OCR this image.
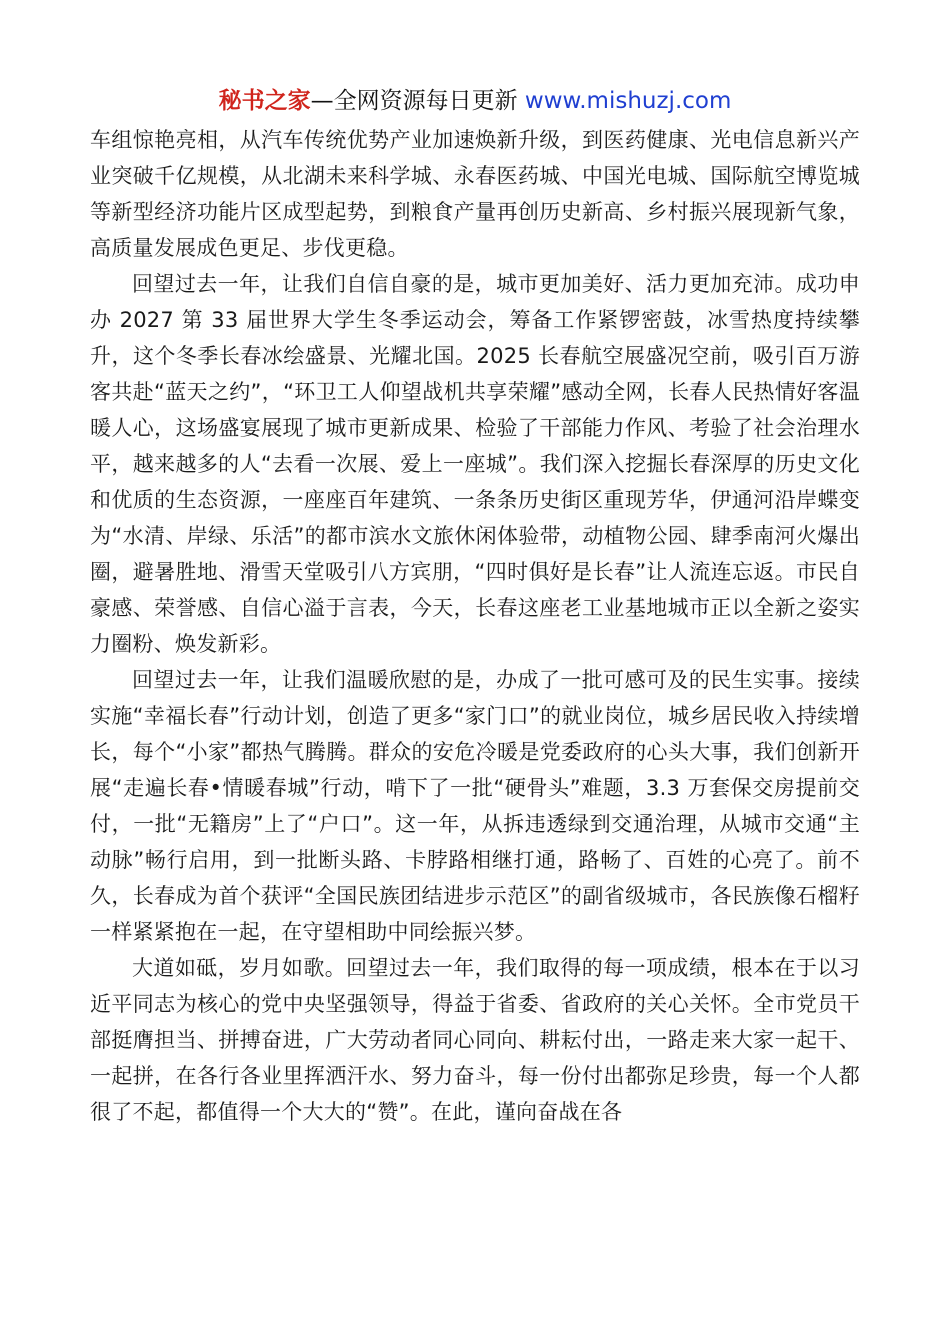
秘书之家—全网资源每日更新 www.mishuzj.com

车组惊艳亮相，从汽车传统优势产业加速焕新升级，到医药健康、光电信息新兴产业突破千亿规模，从北湖未来科学城、永春医药城、中国光电城、国际航空博览城等新型经济功能片区成型起势，到粮食产量再创历史新高、乡村振兴展现新气象，高质量发展成色更足、步伐更稳。

回望过去一年，让我们自信自豪的是，城市更加美好、活力更加充沛。成功申办 2027 第 33 届世界大学生冬季运动会，筹备工作紧锣密鼓，冰雪热度持续攀升，这个冬季长春冰绘盛景、光耀北国。2025 长春航空展盛况空前，吸引百万游客共赴“蓝天之约”，“环卫工人仰望战机共享荣耀”感动全网，长春人民热情好客温暖人心，这场盛宴展现了城市更新成果、检验了干部能力作风、考验了社会治理水平，越来越多的人“去看一次展、爱上一座城”。我们深入挖掘长春深厚的历史文化和优质的生态资源，一座座百年建筑、一条条历史街区重现芳华，伊通河沿岸蝶变为“水清、岸绿、乐活”的都市滨水文旅休闲体验带，动植物公园、肆季南河火爆出圈，避暑胜地、滑雪天堂吸引八方宾朋，“四时俱好是长春”让人流连忘返。市民自豪感、荣誉感、自信心溢于言表，今天，长春这座老工业基地城市正以全新之姿实力圈粉、焕发新彩。

回望过去一年，让我们温暖欣慰的是，办成了一批可感可及的民生实事。接续实施“幸福长春”行动计划，创造了更多“家门口”的就业岗位，城乡居民收入持续增长，每个“小家”都热气腾腾。群众的安危冷暖是党委政府的心头大事，我们创新开展“走遍长春•情暖春城”行动，啃下了一批“硬骨头”难题，3.3 万套保交房提前交付，一批“无籍房”上了“户口”。这一年，从拆违透绿到交通治理，从城市交通“主动脉”畅行启用，到一批断头路、卡脖路相继打通，路畅了、百姓的心亮了。前不久，长春成为首个获评“全国民族团结进步示范区”的副省级城市，各民族像石榴籽一样紧紧抱在一起，在守望相助中同绘振兴梦。

大道如砥，岁月如歌。回望过去一年，我们取得的每一项成绩，根本在于以习近平同志为核心的党中央坚强领导，得益于省委、省政府的关心关怀。全市党员干部挺膺担当、拼搏奋进，广大劳动者同心同向、耕耘付出，一路走来大家一起干、一起拼，在各行各业里挥洒汗水、努力奋斗，每一份付出都弥足珍贵，每一个人都很了不起，都值得一个大大的“赞”。在此，谨向奋战在各
